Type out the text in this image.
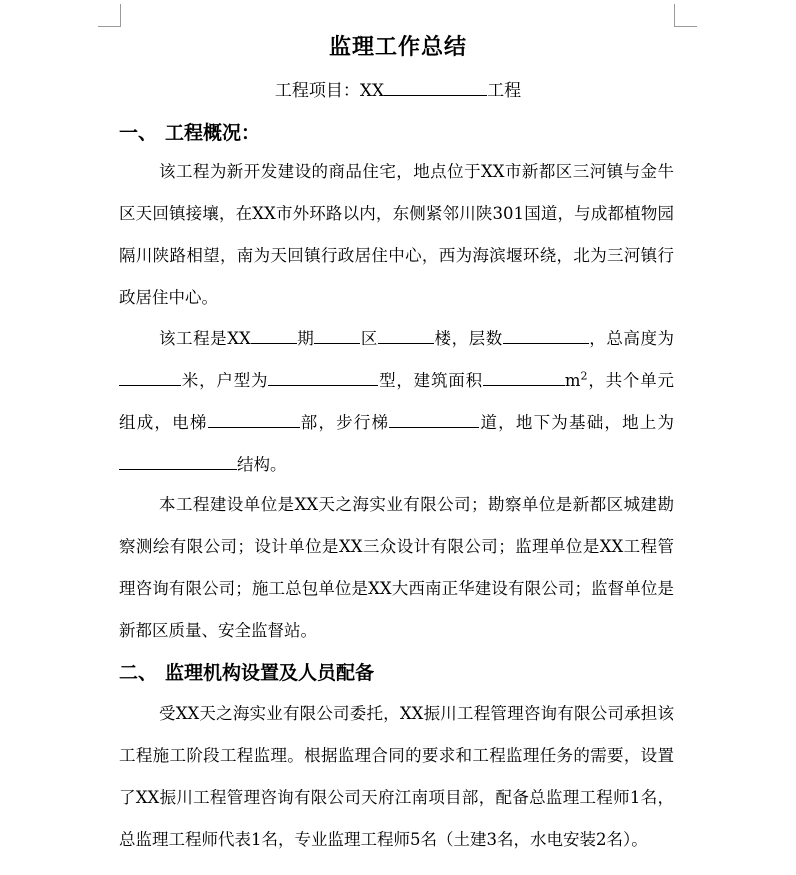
监理工作总结
工程项目：XX	工程
一、 工程概况：
该工程为新开发建设的商品住宅，地点位于XX市新都区三河镇与金牛区天回镇接壤，在XX市外环路以内，东侧紧邻川陕301国道，与成都植物园隔川陕路相望，南为天回镇行政居住中心，西为海滨堰环绕，北为三河镇行政居住中心。
该工程是XX	期	区	楼，层数	，总高度为米，户型为	型，建筑面积	$m^2$，共个单元组成，电梯	部，步行梯	道，地下为基础，地上为结构。
本工程建设单位是XX天之海实业有限公司；勘察单位是新都区城建勘察测绘有限公司；设计单位是XX三众设计有限公司；监理单位是XX工程管理咨询有限公司；施工总包单位是XX大西南正华建设有限公司；监督单位是新都区质量、安全监督站。
二、 监理机构设置及人员配备
受XX天之海实业有限公司委托，XX振川工程管理咨询有限公司承担该工程施工阶段工程监理。根据监理合同的要求和工程监理任务的需要，设置了XX振川工程管理咨询有限公司天府江南项目部，配备总监理工程师1名，总监理工程师代表1名，专业监理工程师5名（土建3名，水电安装2名）。
